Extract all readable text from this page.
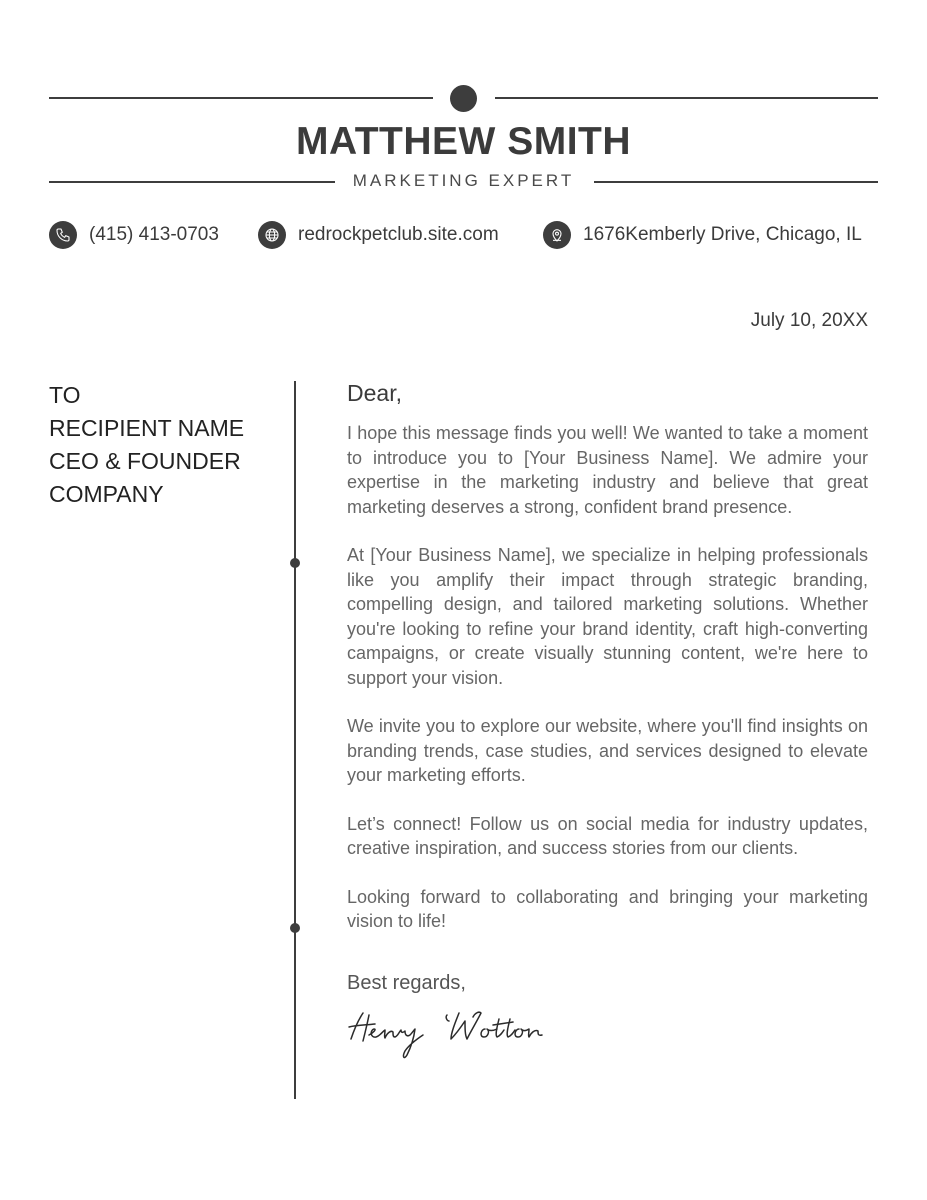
MATTHEW SMITH
MARKETING EXPERT
(415) 413-0703	redrockpetclub.site.com	1676Kemberly Drive, Chicago, IL
July 10, 20XX
TO
RECIPIENT NAME
CEO & FOUNDER
COMPANY
Dear,

I hope this message finds you well! We wanted to take a moment to introduce you to [Your Business Name]. We admire your expertise in the marketing industry and believe that great marketing deserves a strong, confident brand presence.

At [Your Business Name], we specialize in helping professionals like you amplify their impact through strategic branding, compelling design, and tailored marketing solutions. Whether you're looking to refine your brand identity, craft high-converting campaigns, or create visually stunning content, we're here to support your vision.

We invite you to explore our website, where you'll find insights on branding trends, case studies, and services designed to elevate your marketing efforts.

Let’s connect! Follow us on social media for industry updates, creative inspiration, and success stories from our clients.

Looking forward to collaborating and bringing your marketing vision to life!

Best regards,
